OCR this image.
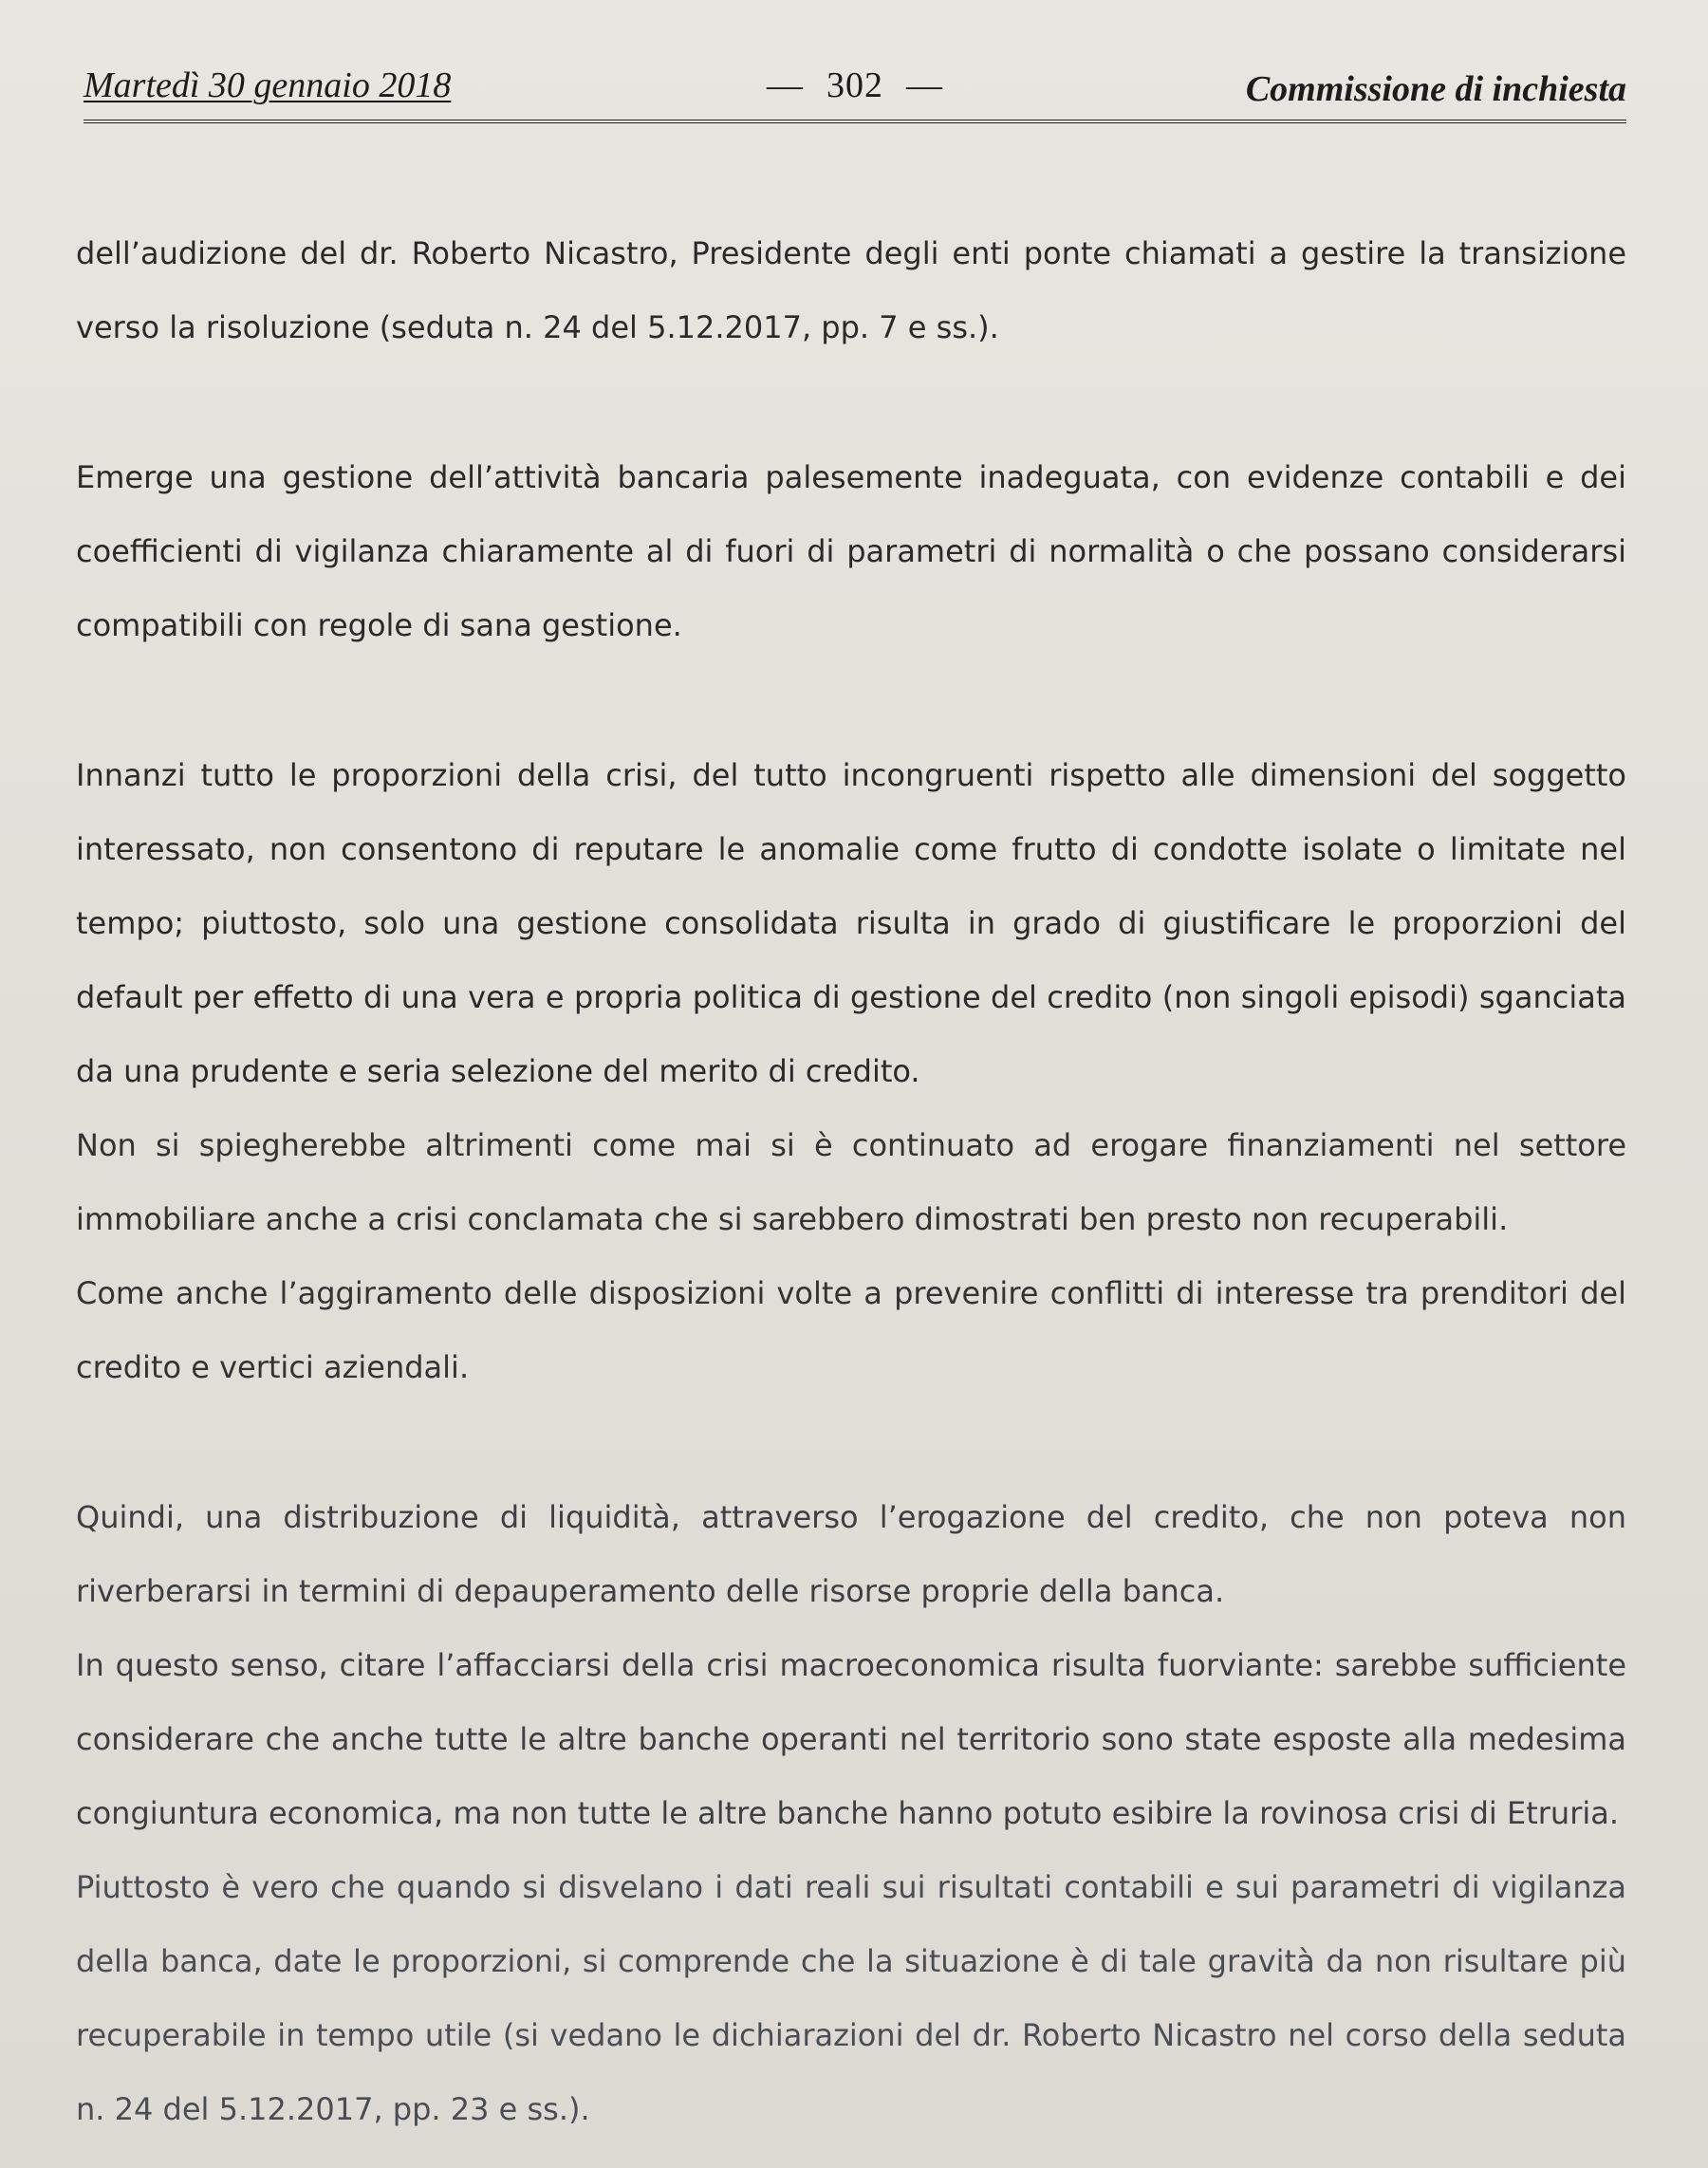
Martedì 30 gennaio 2018	— 302 —	Commissione di inchiesta

dell’audizione del dr. Roberto Nicastro, Presidente degli enti ponte chiamati a gestire la transizione verso la risoluzione (seduta n. 24 del 5.12.2017, pp. 7 e ss.).

Emerge una gestione dell’attività bancaria palesemente inadeguata, con evidenze contabili e dei coefficienti di vigilanza chiaramente al di fuori di parametri di normalità o che possano considerarsi compatibili con regole di sana gestione.

Innanzi tutto le proporzioni della crisi, del tutto incongruenti rispetto alle dimensioni del soggetto interessato, non consentono di reputare le anomalie come frutto di condotte isolate o limitate nel tempo; piuttosto, solo una gestione consolidata risulta in grado di giustificare le proporzioni del default per effetto di una vera e propria politica di gestione del credito (non singoli episodi) sganciata da una prudente e seria selezione del merito di credito.

Non si spiegherebbe altrimenti come mai si è continuato ad erogare finanziamenti nel settore immobiliare anche a crisi conclamata che si sarebbero dimostrati ben presto non recuperabili.

Come anche l’aggiramento delle disposizioni volte a prevenire conflitti di interesse tra prenditori del credito e vertici aziendali.

Quindi, una distribuzione di liquidità, attraverso l’erogazione del credito, che non poteva non riverberarsi in termini di depauperamento delle risorse proprie della banca.

In questo senso, citare l’affacciarsi della crisi macroeconomica risulta fuorviante: sarebbe sufficiente considerare che anche tutte le altre banche operanti nel territorio sono state esposte alla medesima congiuntura economica, ma non tutte le altre banche hanno potuto esibire la rovinosa crisi di Etruria.

Piuttosto è vero che quando si disvelano i dati reali sui risultati contabili e sui parametri di vigilanza della banca, date le proporzioni, si comprende che la situazione è di tale gravità da non risultare più recuperabile in tempo utile (si vedano le dichiarazioni del dr. Roberto Nicastro nel corso della seduta n. 24 del 5.12.2017, pp. 23 e ss.).
